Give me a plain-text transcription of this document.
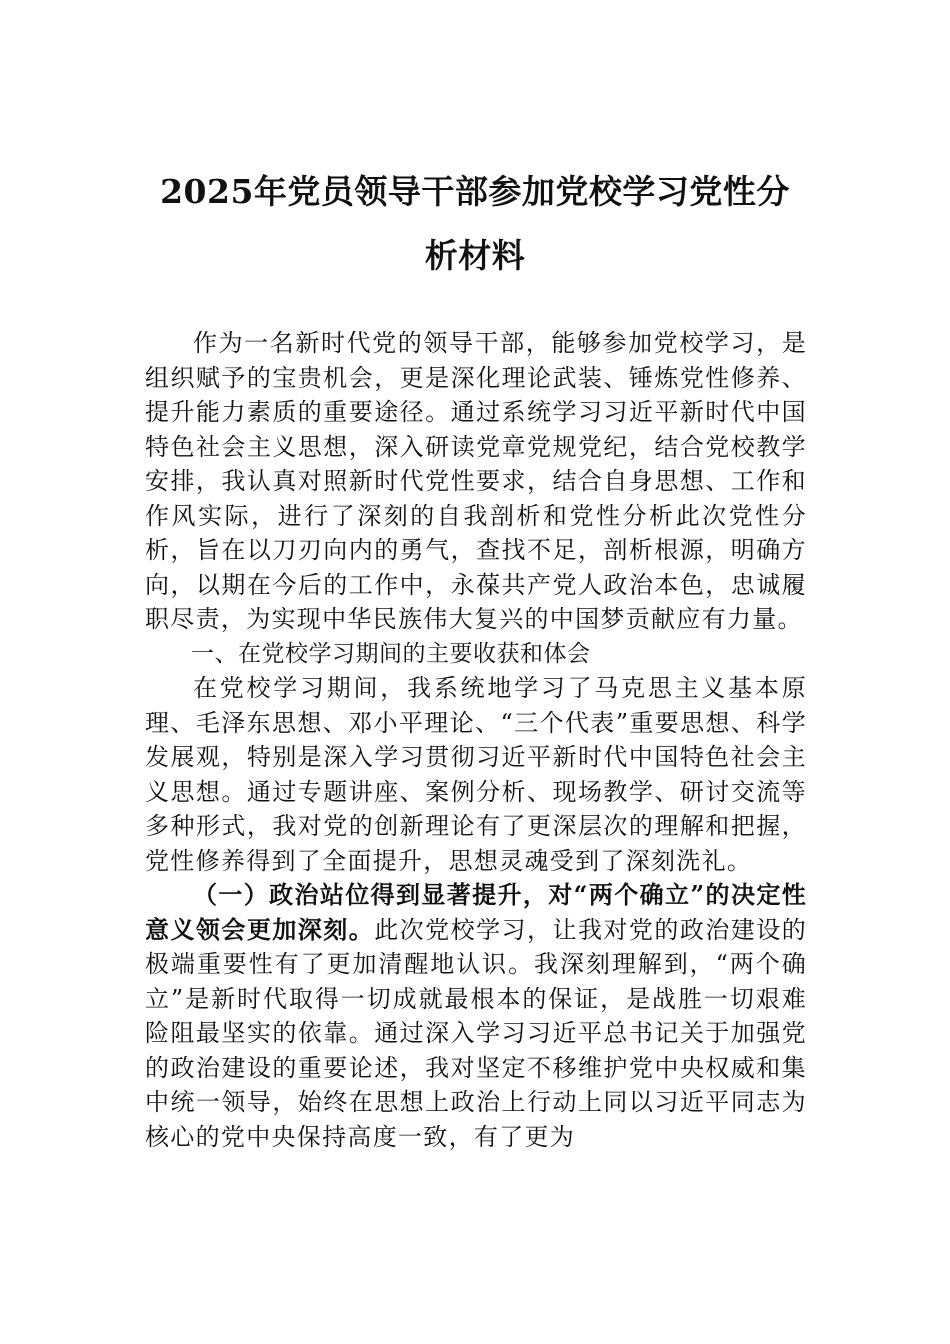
2025年党员领导干部参加党校学习党性分
析材料

作为一名新时代党的领导干部，能够参加党校学习，是组织赋予的宝贵机会，更是深化理论武装、锤炼党性修养、提升能力素质的重要途径。通过系统学习习近平新时代中国特色社会主义思想，深入研读党章党规党纪，结合党校教学安排，我认真对照新时代党性要求，结合自身思想、工作和作风实际，进行了深刻的自我剖析和党性分析此次党性分析，旨在以刀刃向内的勇气，查找不足，剖析根源，明确方向，以期在今后的工作中，永葆共产党人政治本色，忠诚履职尽责，为实现中华民族伟大复兴的中国梦贡献应有力量。

一、在党校学习期间的主要收获和体会

在党校学习期间，我系统地学习了马克思主义基本原理、毛泽东思想、邓小平理论、“三个代表”重要思想、科学发展观，特别是深入学习贯彻习近平新时代中国特色社会主义思想。通过专题讲座、案例分析、现场教学、研讨交流等多种形式，我对党的创新理论有了更深层次的理解和把握，党性修养得到了全面提升，思想灵魂受到了深刻洗礼。

（一）政治站位得到显著提升，对“两个确立”的决定性意义领会更加深刻。此次党校学习，让我对党的政治建设的极端重要性有了更加清醒地认识。我深刻理解到，“两个确立”是新时代取得一切成就最根本的保证，是战胜一切艰难险阻最坚实的依靠。通过深入学习习近平总书记关于加强党的政治建设的重要论述，我对坚定不移维护党中央权威和集中统一领导，始终在思想上政治上行动上同以习近平同志为核心的党中央保持高度一致，有了更为
